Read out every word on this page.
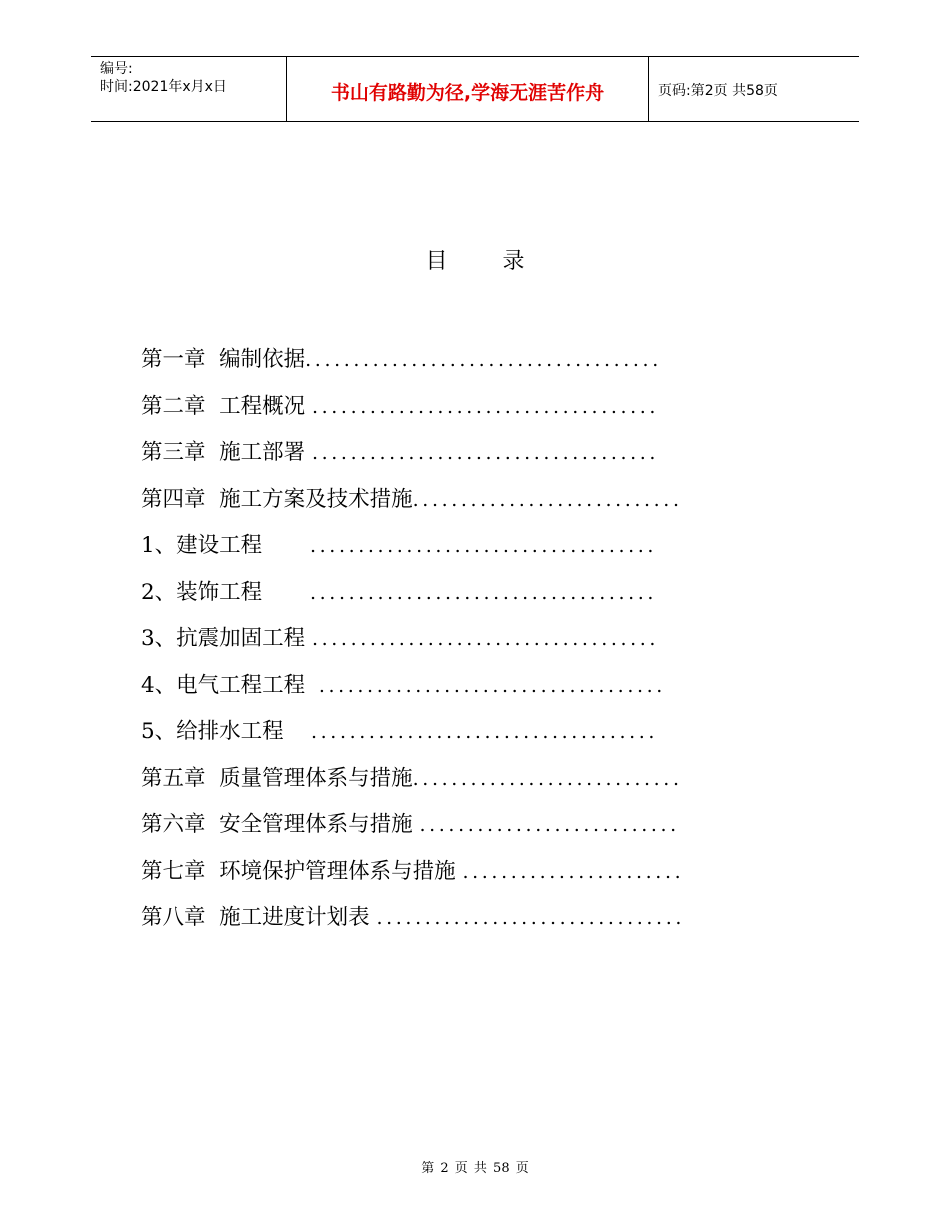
编号:
时间:2021年x月x日	书山有路勤为径,学海无涯苦作舟	页码:第2页 共58页
目 录
第一章  编制依据.....................................
第二章  工程概况 ....................................
第三章  施工部署 ....................................
第四章  施工方案及技术措施............................
1、建设工程       ....................................
2、装饰工程       ....................................
3、抗震加固工程 ....................................
4、电气工程工程  ....................................
5、给排水工程    ....................................
第五章  质量管理体系与措施............................
第六章  安全管理体系与措施 ...........................
第七章  环境保护管理体系与措施 .......................
第八章  施工进度计划表 ................................
第 2 页 共 58 页
